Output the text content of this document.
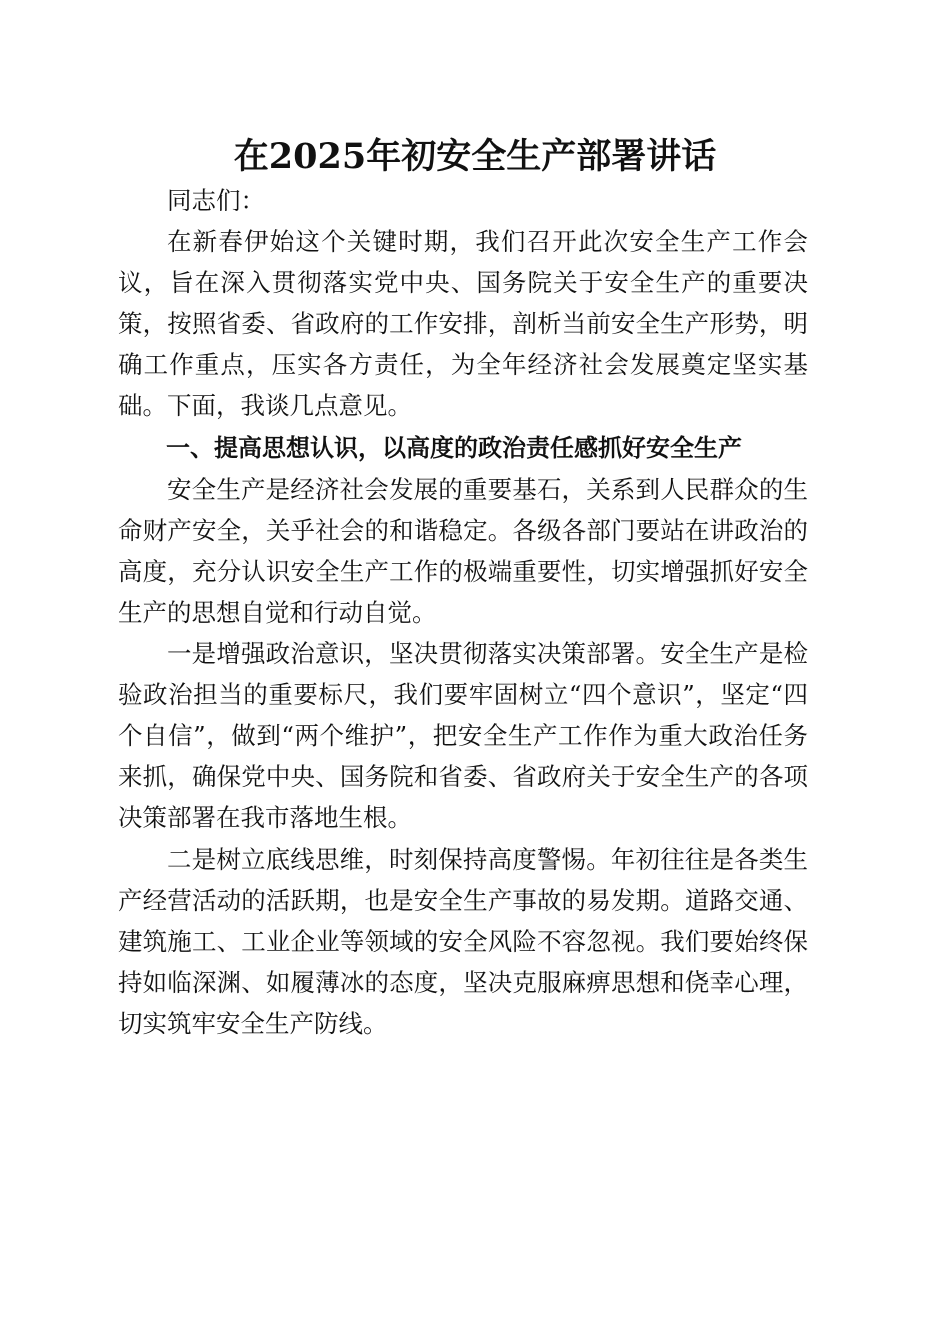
在2025年初安全生产部署讲话

同志们：

在新春伊始这个关键时期，我们召开此次安全生产工作会议，旨在深入贯彻落实党中央、国务院关于安全生产的重要决策，按照省委、省政府的工作安排，剖析当前安全生产形势，明确工作重点，压实各方责任，为全年经济社会发展奠定坚实基础。下面，我谈几点意见。

一、提高思想认识，以高度的政治责任感抓好安全生产

安全生产是经济社会发展的重要基石，关系到人民群众的生命财产安全，关乎社会的和谐稳定。各级各部门要站在讲政治的高度，充分认识安全生产工作的极端重要性，切实增强抓好安全生产的思想自觉和行动自觉。

一是增强政治意识，坚决贯彻落实决策部署。安全生产是检验政治担当的重要标尺，我们要牢固树立“四个意识”，坚定“四个自信”，做到“两个维护”，把安全生产工作作为重大政治任务来抓，确保党中央、国务院和省委、省政府关于安全生产的各项决策部署在我市落地生根。

二是树立底线思维，时刻保持高度警惕。年初往往是各类生产经营活动的活跃期，也是安全生产事故的易发期。道路交通、建筑施工、工业企业等领域的安全风险不容忽视。我们要始终保持如临深渊、如履薄冰的态度，坚决克服麻痹思想和侥幸心理，切实筑牢安全生产防线。
